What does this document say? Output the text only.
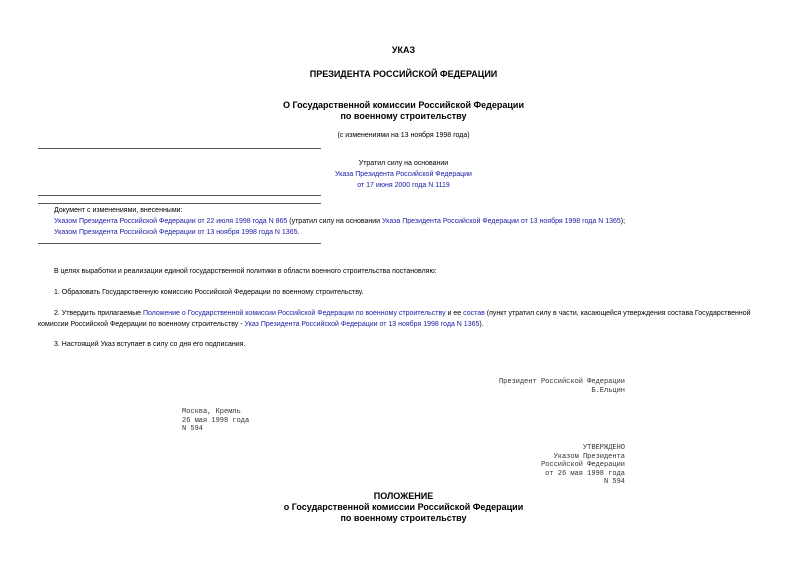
УКАЗ
ПРЕЗИДЕНТА РОССИЙСКОЙ ФЕДЕРАЦИИ
О Государственной комиссии Российской Федерации
по военному строительству
(с изменениями на 13 ноября 1998 года)
Утратил силу на основании
Указа Президента Российской Федерации
от 17 июня 2000 года N 1119
Документ с изменениями, внесенными:
Указом Президента Российской Федерации от 22 июля 1998 года N 865 (утратил силу на основании Указа Президента Российской Федерации от 13 ноября 1998 года N 1365);
Указом Президента Российской Федерации от 13 ноября 1998 года N 1365.
В целях выработки и реализации единой государственной политики в области военного строительства постановляю:
1. Образовать Государственную комиссию Российской Федерации по военному строительству.
2. Утвердить прилагаемые Положение о Государственной комиссии Российской Федерации по военному строительству и ее состав (пункт утратил силу в части, касающейся утверждения состава Государственной комиссии Российской Федерации по военному строительству - Указ Президента Российской Федерации от 13 ноября 1998 года N 1365).
3. Настоящий Указ вступает в силу со дня его подписания.
Президент Российской Федерации
Б.Ельцин
Москва, Кремль
26 мая 1998 года
N 594
УТВЕРЖДЕНО
Указом Президента
Российской Федерации
от 26 мая 1998 года
N 594
ПОЛОЖЕНИЕ
о Государственной комиссии Российской Федерации
по военному строительству
